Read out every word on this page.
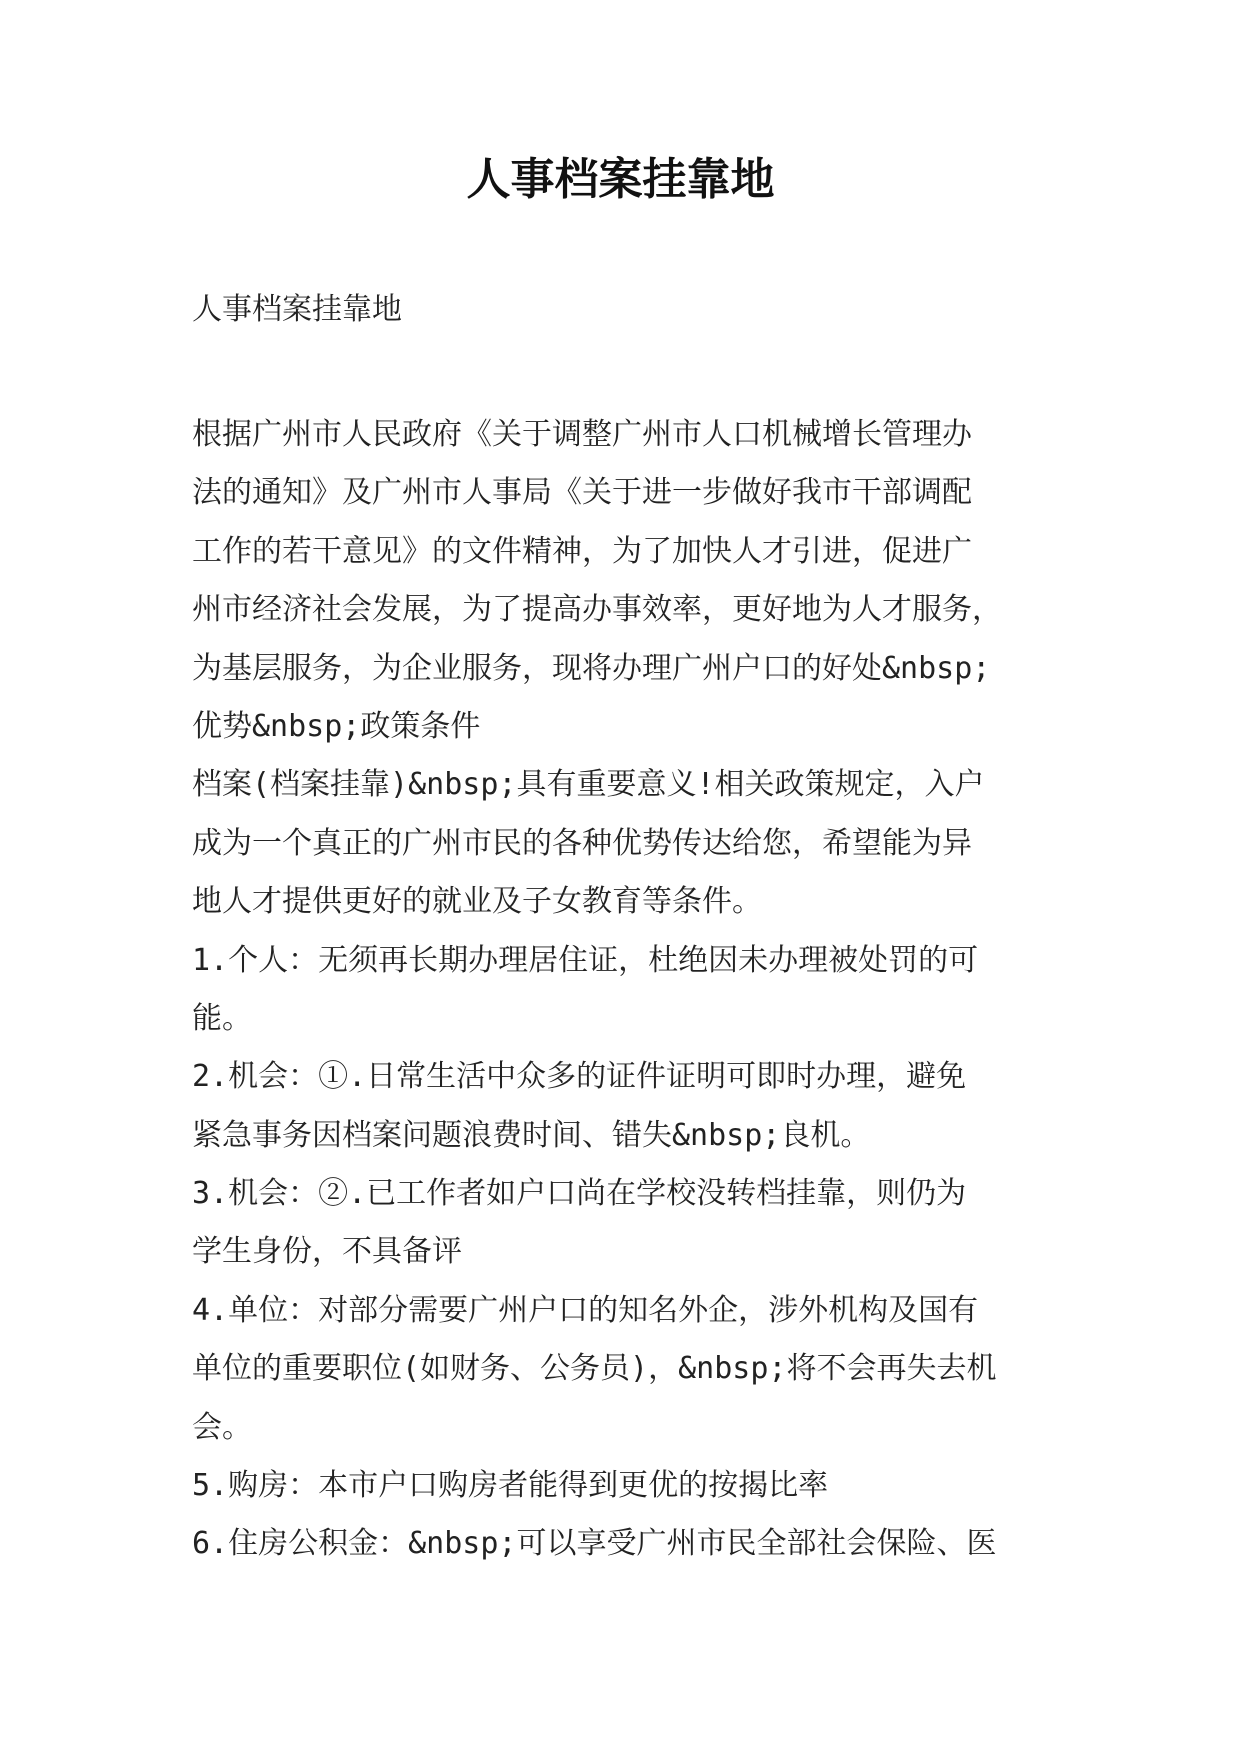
人事档案挂靠地

人事档案挂靠地

根据广州市人民政府《关于调整广州市人口机械增长管理办
法的通知》及广州市人事局《关于进一步做好我市干部调配
工作的若干意见》的文件精神，为了加快人才引进，促进广
州市经济社会发展，为了提高办事效率，更好地为人才服务，
为基层服务，为企业服务，现将办理广州户口的好处&nbsp;
优势&nbsp;政策条件
档案(档案挂靠)&nbsp;具有重要意义!相关政策规定，入户
成为一个真正的广州市民的各种优势传达给您，希望能为异
地人才提供更好的就业及子女教育等条件。
1.个人：无须再长期办理居住证，杜绝因未办理被处罚的可
能。
2.机会：①.日常生活中众多的证件证明可即时办理，避免
紧急事务因档案问题浪费时间、错失&nbsp;良机。
3.机会：②.已工作者如户口尚在学校没转档挂靠，则仍为
学生身份，不具备评
4.单位：对部分需要广州户口的知名外企，涉外机构及国有
单位的重要职位(如财务、公务员)，&nbsp;将不会再失去机
会。
5.购房：本市户口购房者能得到更优的按揭比率
6.住房公积金：&nbsp;可以享受广州市民全部社会保险、医
